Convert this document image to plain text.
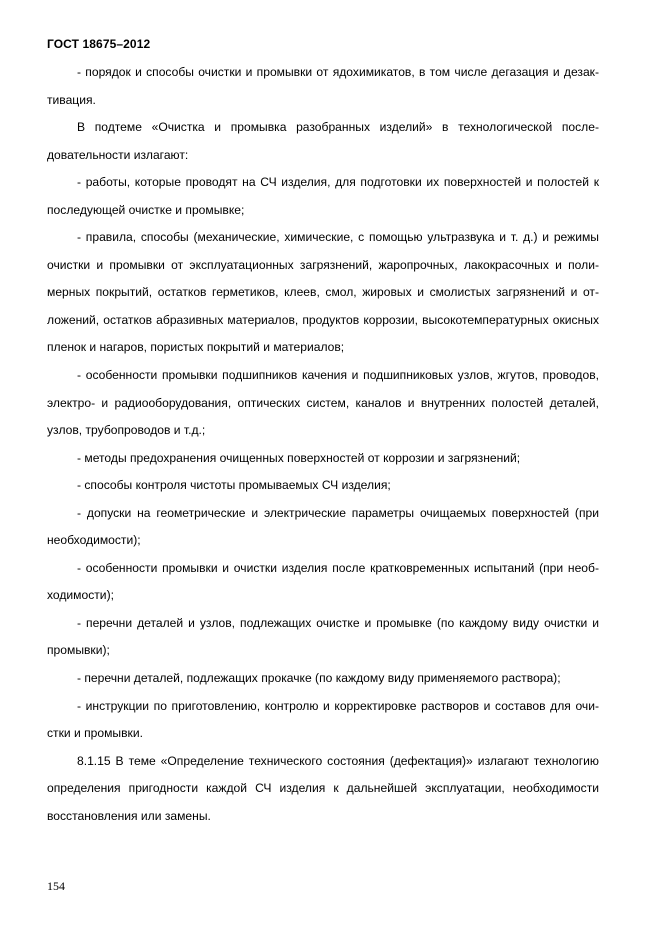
ГОСТ 18675–2012

- порядок и способы очистки и промывки от ядохимикатов, в том числе дегазация и дезактивация.

В подтеме «Очистка и промывка разобранных изделий» в технологической последовательности излагают:

- работы, которые проводят на СЧ изделия, для подготовки их поверхностей и полостей к последующей очистке и промывке;

- правила, способы (механические, химические, с помощью ультразвука и т. д.) и режимы очистки и промывки от эксплуатационных загрязнений, жаропрочных, лакокрасочных и полимерных покрытий, остатков герметиков, клеев, смол, жировых и смолистых загрязнений и отложений, остатков абразивных материалов, продуктов коррозии, высокотемпературных окисных пленок и нагаров, пористых покрытий и материалов;

- особенности промывки подшипников качения и подшипниковых узлов, жгутов, проводов, электро- и радиооборудования, оптических систем, каналов и внутренних полостей деталей, узлов, трубопроводов и т.д.;

- методы предохранения очищенных поверхностей от коррозии и загрязнений;

- способы контроля чистоты промываемых СЧ изделия;

- допуски на геометрические и электрические параметры очищаемых поверхностей (при необходимости);

- особенности промывки и очистки изделия после кратковременных испытаний (при необходимости);

- перечни деталей и узлов, подлежащих очистке и промывке (по каждому виду очистки и промывки);

- перечни деталей, подлежащих прокачке (по каждому виду применяемого раствора);

- инструкции по приготовлению, контролю и корректировке растворов и составов для очистки и промывки.

8.1.15 В теме «Определение технического состояния (дефектация)» излагают технологию определения пригодности каждой СЧ изделия к дальнейшей эксплуатации, необходимости восстановления или замены.

154
